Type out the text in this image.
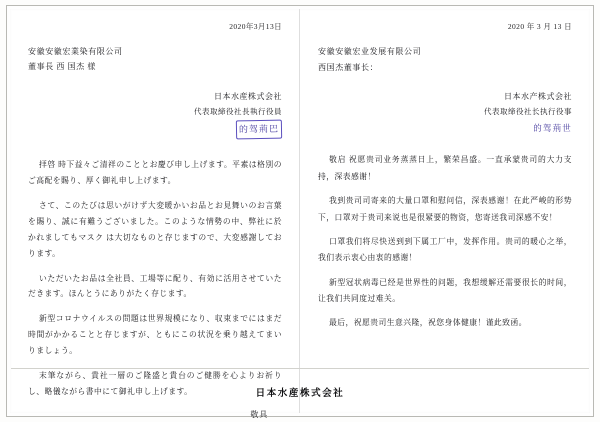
2020年3月13日
安徽安徽宏業染有限公司
董事長 西 国杰 様
日本水産株式会社
代表取締役社長執行役員
的驾荊巴

拝啓 時下益々ご清祥のこととお慶び申し上げます。平素は格別のご高配を賜り、厚く御礼申し上げます。

さて、このたびは思いがけず大変暖かいお品とお見舞いのお言葉を賜り、誠に有難うございました。このような情勢の中、弊社に於かれましてもマスク は大切なものと存じますので、大変感謝しております。

いただいたお品は全社員、工場等に配り、有効に活用させていただきます。ほんとうにありがたく存じます。

新型コロナウイルスの問題は世界規模になり、収束までにはまだ時間がかかることと存じますが、ともにこの状況を乗り越えてまいりましょう。

末筆ながら、貴社一層のご隆盛と貴台のご健勝を心よりお祈りし、略儀ながら書中にて御礼申し上げます。

敬具
2020 年 3 月 13 日
安徽安徽宏业发展有限公司
西国杰董事长：
日本水产株式会社
代表取缔役社长执行役事
的驾荊世

敬启 祝愿贵司业务蒸蒸日上，繁荣昌盛。一直承蒙贵司的大力支持，深表感谢！

我到贵司司寄来的大量口罩和慰问信，深表感谢！在此严峻的形势下，口罩对于贵司来说也是很紧要的物资，您寄送我司深感不安！

口罩我们将尽快送到到下属工厂中，发挥作用。贵司的暖心之举，我们表示衷心由衷的感谢！

新型冠状病毒已经是世界性的问题，我想缓解还需要很长的时间，让我们共同度过难关。

最后，祝愿贵司生意兴隆，祝您身体健康！谨此致函。

日本水産株式会社
